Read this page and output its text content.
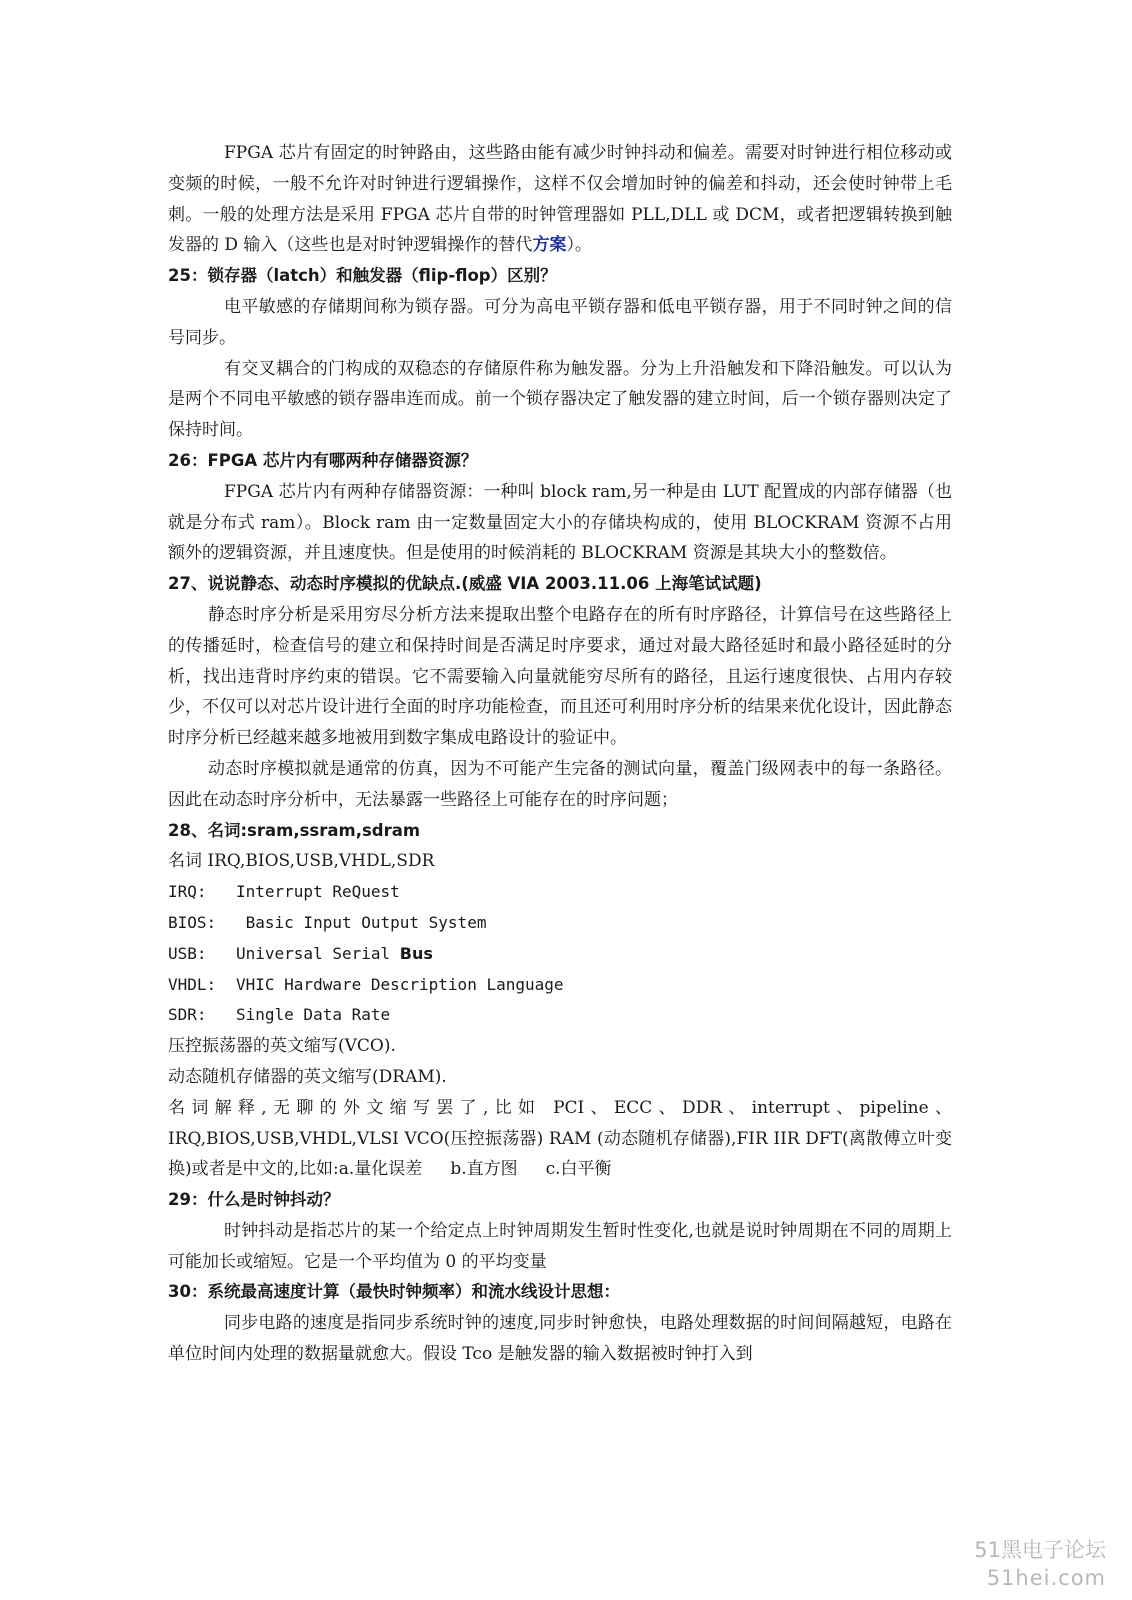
FPGA 芯片有固定的时钟路由，这些路由能有减少时钟抖动和偏差。需要对时钟进行相位移动或变频的时候，一般不允许对时钟进行逻辑操作，这样不仅会增加时钟的偏差和抖动，还会使时钟带上毛刺。一般的处理方法是采用 FPGA 芯片自带的时钟管理器如 PLL,DLL 或 DCM，或者把逻辑转换到触发器的 D 输入（这些也是对时钟逻辑操作的替代方案）。

25：锁存器（latch）和触发器（flip-flop）区别？

电平敏感的存储期间称为锁存器。可分为高电平锁存器和低电平锁存器，用于不同时钟之间的信号同步。

有交叉耦合的门构成的双稳态的存储原件称为触发器。分为上升沿触发和下降沿触发。可以认为是两个不同电平敏感的锁存器串连而成。前一个锁存器决定了触发器的建立时间，后一个锁存器则决定了保持时间。

26：FPGA 芯片内有哪两种存储器资源？

FPGA 芯片内有两种存储器资源：一种叫 block ram,另一种是由 LUT 配置成的内部存储器（也就是分布式 ram）。Block ram 由一定数量固定大小的存储块构成的，使用 BLOCKRAM 资源不占用额外的逻辑资源，并且速度快。但是使用的时候消耗的 BLOCKRAM 资源是其块大小的整数倍。

27、说说静态、动态时序模拟的优缺点.(威盛 VIA 2003.11.06 上海笔试试题)

静态时序分析是采用穷尽分析方法来提取出整个电路存在的所有时序路径，计算信号在这些路径上的传播延时，检查信号的建立和保持时间是否满足时序要求，通过对最大路径延时和最小路径延时的分析，找出违背时序约束的错误。它不需要输入向量就能穷尽所有的路径，且运行速度很快、占用内存较少，不仅可以对芯片设计进行全面的时序功能检查，而且还可利用时序分析的结果来优化设计，因此静态时序分析已经越来越多地被用到数字集成电路设计的验证中。

动态时序模拟就是通常的仿真，因为不可能产生完备的测试向量，覆盖门级网表中的每一条路径。因此在动态时序分析中，无法暴露一些路径上可能存在的时序问题；

28、名词:sram,ssram,sdram

名词 IRQ,BIOS,USB,VHDL,SDR

IRQ:	Interrupt ReQuest
BIOS:	Basic Input Output System
USB:	Universal Serial Bus
VHDL:	VHIC Hardware Description Language
SDR:	Single Data Rate

压控振荡器的英文缩写(VCO).

动态随机存储器的英文缩写(DRAM).

名词解释,无聊的外文缩写罢了,比如 PCI、ECC、DDR、interrupt、pipeline、IRQ,BIOS,USB,VHDL,VLSI VCO(压控振荡器) RAM (动态随机存储器),FIR IIR DFT(离散傅立叶变换)或者是中文的,比如:a.量化误差 b.直方图 c.白平衡

29：什么是时钟抖动？

时钟抖动是指芯片的某一个给定点上时钟周期发生暂时性变化,也就是说时钟周期在不同的周期上可能加长或缩短。它是一个平均值为 0 的平均变量

30：系统最高速度计算（最快时钟频率）和流水线设计思想：

同步电路的速度是指同步系统时钟的速度,同步时钟愈快，电路处理数据的时间间隔越短，电路在单位时间内处理的数据量就愈大。假设 Tco 是触发器的输入数据被时钟打入到

51黑电子论坛
51hei.com
